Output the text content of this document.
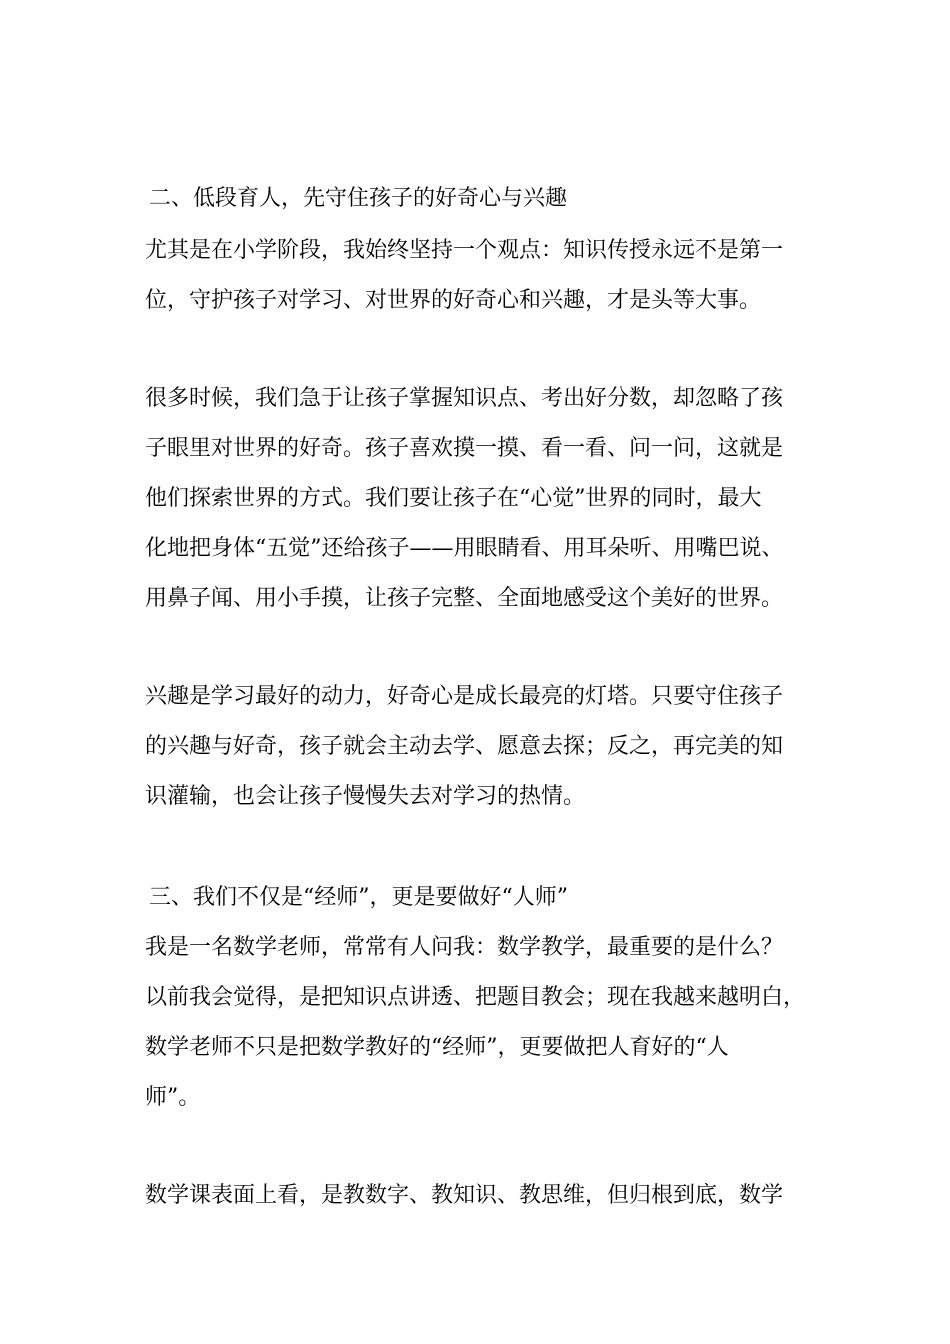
二、低段育人，先守住孩子的好奇心与兴趣

尤其是在小学阶段，我始终坚持一个观点：知识传授永远不是第一

位，守护孩子对学习、对世界的好奇心和兴趣，才是头等大事。

很多时候，我们急于让孩子掌握知识点、考出好分数，却忽略了孩

子眼里对世界的好奇。孩子喜欢摸一摸、看一看、问一问，这就是

他们探索世界的方式。我们要让孩子在“心觉”世界的同时，最大

化地把身体“五觉”还给孩子——用眼睛看、用耳朵听、用嘴巴说、

用鼻子闻、用小手摸，让孩子完整、全面地感受这个美好的世界。

兴趣是学习最好的动力，好奇心是成长最亮的灯塔。只要守住孩子

的兴趣与好奇，孩子就会主动去学、愿意去探；反之，再完美的知

识灌输，也会让孩子慢慢失去对学习的热情。

三、我们不仅是“经师”，更是要做好“人师”

我是一名数学老师，常常有人问我：数学教学，最重要的是什么？

以前我会觉得，是把知识点讲透、把题目教会；现在我越来越明白，

数学老师不只是把数学教好的“经师”，更要做把人育好的“人

师”。

数学课表面上看，是教数字、教知识、教思维，但归根到底，数学
